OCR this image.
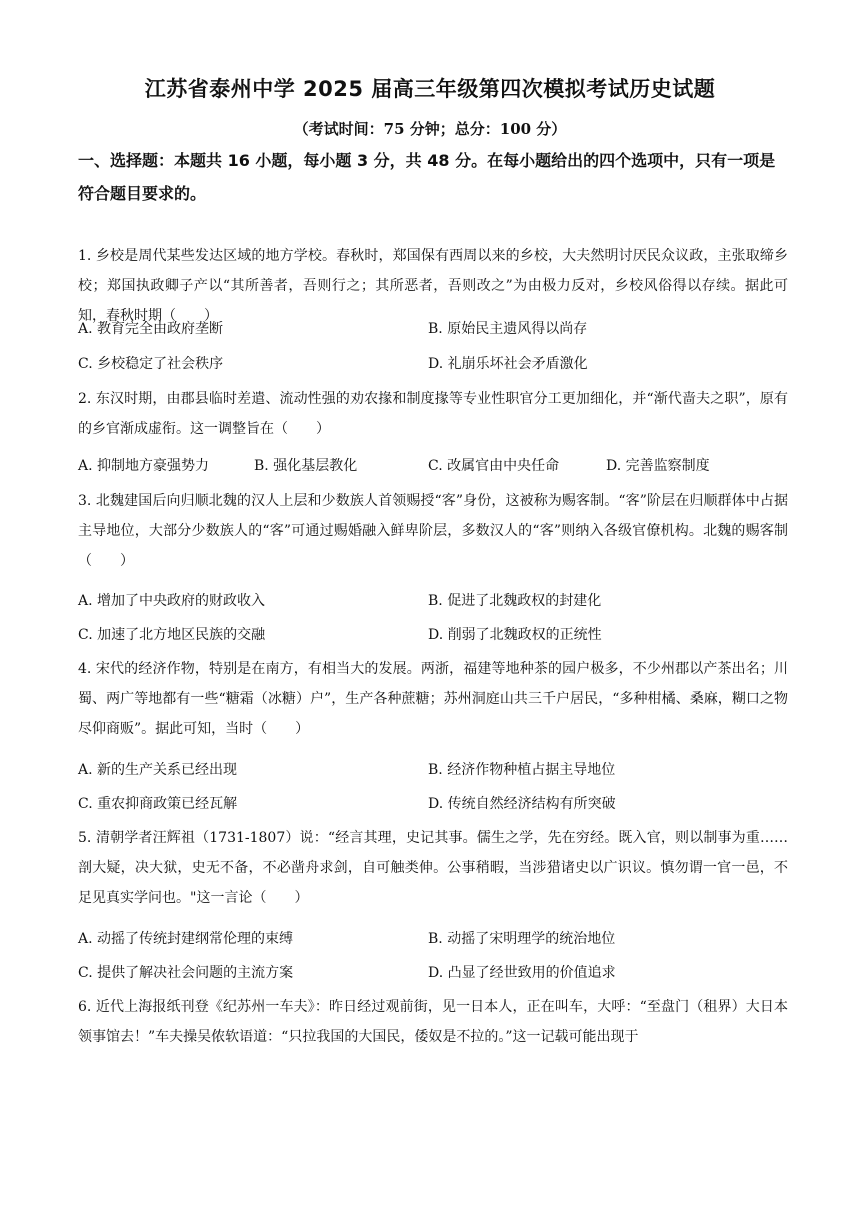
江苏省泰州中学 2025 届高三年级第四次模拟考试历史试题
（考试时间：75 分钟；总分：100 分）
一、选择题：本题共 16 小题，每小题 3 分，共 48 分。在每小题给出的四个选项中，只有一项是符合题目要求的。
1. 乡校是周代某些发达区域的地方学校。春秋时，郑国保有西周以来的乡校，大夫然明讨厌民众议政，主张取缔乡校；郑国执政卿子产以“其所善者，吾则行之；其所恶者，吾则改之”为由极力反对，乡校风俗得以存续。据此可知，春秋时期（　　）
A. 教育完全由政府垄断	B. 原始民主遗风得以尚存
C. 乡校稳定了社会秩序	D. 礼崩乐坏社会矛盾激化
2. 东汉时期，由郡县临时差遣、流动性强的劝农掾和制度掾等专业性职官分工更加细化，并“渐代啬夫之职”，原有的乡官渐成虚衔。这一调整旨在（　　）
A. 抑制地方豪强势力	B. 强化基层教化	C. 改属官由中央任命	D. 完善监察制度
3. 北魏建国后向归顺北魏的汉人上层和少数族人首领赐授“客”身份，这被称为赐客制。“客”阶层在归顺群体中占据主导地位，大部分少数族人的“客”可通过赐婚融入鲜卑阶层，多数汉人的“客”则纳入各级官僚机构。北魏的赐客制（　　）
A. 增加了中央政府的财政收入	B. 促进了北魏政权的封建化
C. 加速了北方地区民族的交融	D. 削弱了北魏政权的正统性
4. 宋代的经济作物，特别是在南方，有相当大的发展。两浙，福建等地种茶的园户极多，不少州郡以产茶出名；川蜀、两广等地都有一些“糖霜（冰糖）户”，生产各种蔗糖；苏州洞庭山共三千户居民，“多种柑橘、桑麻，糊口之物尽仰商贩”。据此可知，当时（　　）
A. 新的生产关系已经出现	B. 经济作物种植占据主导地位
C. 重农抑商政策已经瓦解	D. 传统自然经济结构有所突破
5. 清朝学者汪辉祖（1731-1807）说：“经言其理，史记其事。儒生之学，先在穷经。既入官，则以制事为重……剖大疑，决大狱，史无不备，不必凿舟求剑，自可触类伸。公事稍暇，当涉猎诸史以广识议。慎勿谓一官一邑，不足见真实学问也。"这一言论（　　）
A. 动摇了传统封建纲常伦理的束缚	B. 动摇了宋明理学的统治地位
C. 提供了解决社会问题的主流方案	D. 凸显了经世致用的价值追求
6. 近代上海报纸刊登《纪苏州一车夫》：昨日经过观前街，见一日本人，正在叫车，大呼：“至盘门（租界）大日本领事馆去！”车夫操吴侬软语道：“只拉我国的大国民，倭奴是不拉的。”这一记载可能出现于
